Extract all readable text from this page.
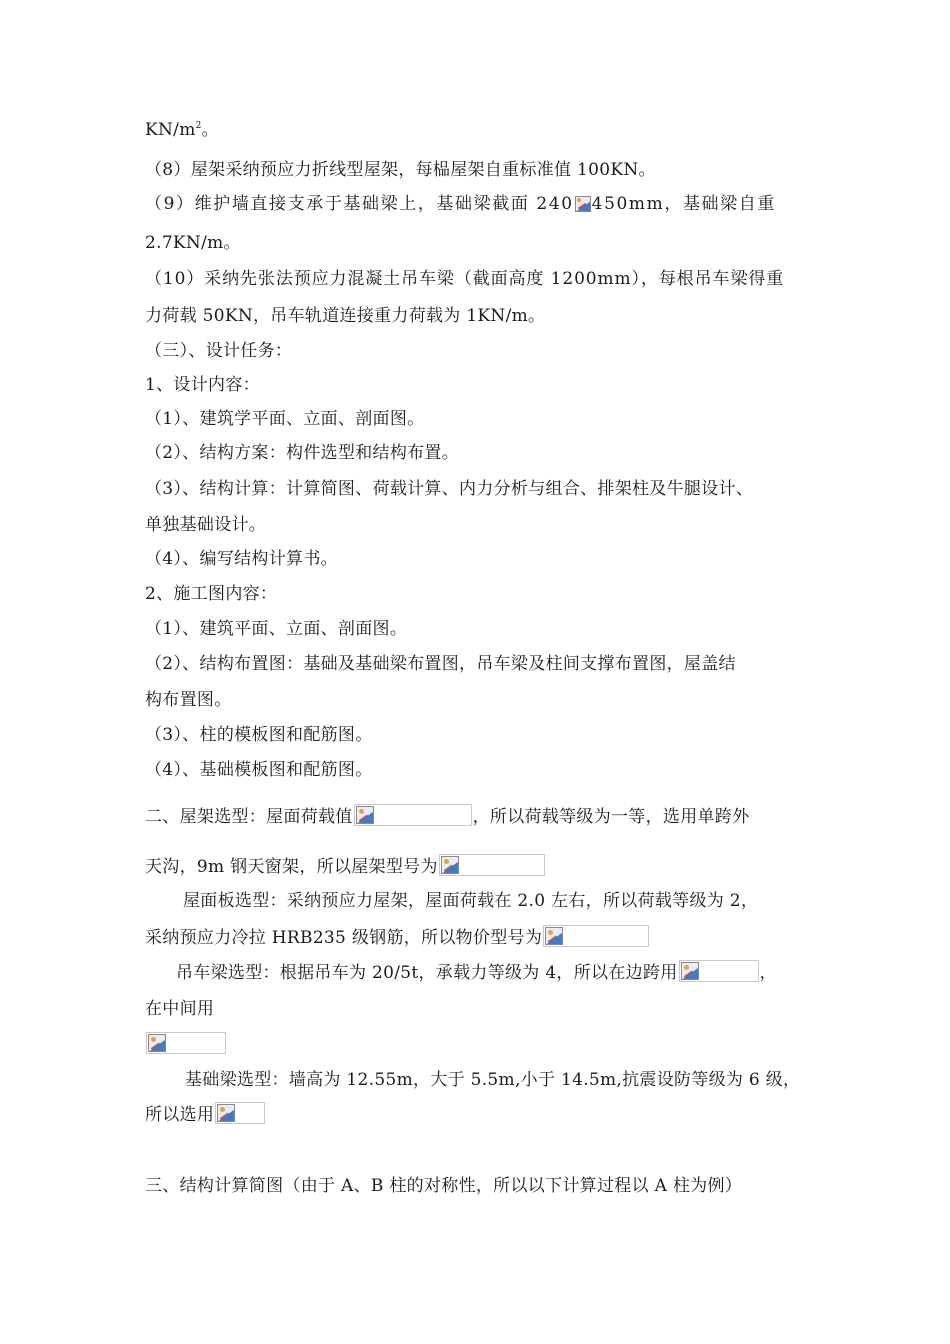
$KN/m^2$。
（8）屋架采纳预应力折线型屋架，每榀屋架自重标准值 100KN。
（9）维护墙直接支承于基础梁上，基础梁截面 240 450mm，基础梁自重
2.7KN/m。
（10）采纳先张法预应力混凝土吊车梁（截面高度 1200mm），每根吊车梁得重
力荷载 50KN，吊车轨道连接重力荷载为 1KN/m。
（三）、设计任务：
1、设计内容：
（1）、建筑学平面、立面、剖面图。
（2）、结构方案：构件选型和结构布置。
（3）、结构计算：计算简图、荷载计算、内力分析与组合、排架柱及牛腿设计、
单独基础设计。
（4）、编写结构计算书。
2、施工图内容：
（1）、建筑平面、立面、剖面图。
（2）、结构布置图：基础及基础梁布置图，吊车梁及柱间支撑布置图，屋盖结
构布置图。
（3）、柱的模板图和配筋图。
（4）、基础模板图和配筋图。
二、屋架选型：屋面荷载值	，所以荷载等级为一等，选用单跨外
天沟，9m 钢天窗架，所以屋架型号为
屋面板选型：采纳预应力屋架，屋面荷载在 2.0 左右，所以荷载等级为 2，
采纳预应力冷拉 HRB235 级钢筋，所以物价型号为
吊车梁选型：根据吊车为 20/5t，承载力等级为 4，所以在边跨用	，
在中间用
基础梁选型：墙高为 12.55m，大于 5.5m,小于 14.5m,抗震设防等级为 6 级，
所以选用
三、结构计算简图（由于 A、B 柱的对称性，所以以下计算过程以 A 柱为例）
